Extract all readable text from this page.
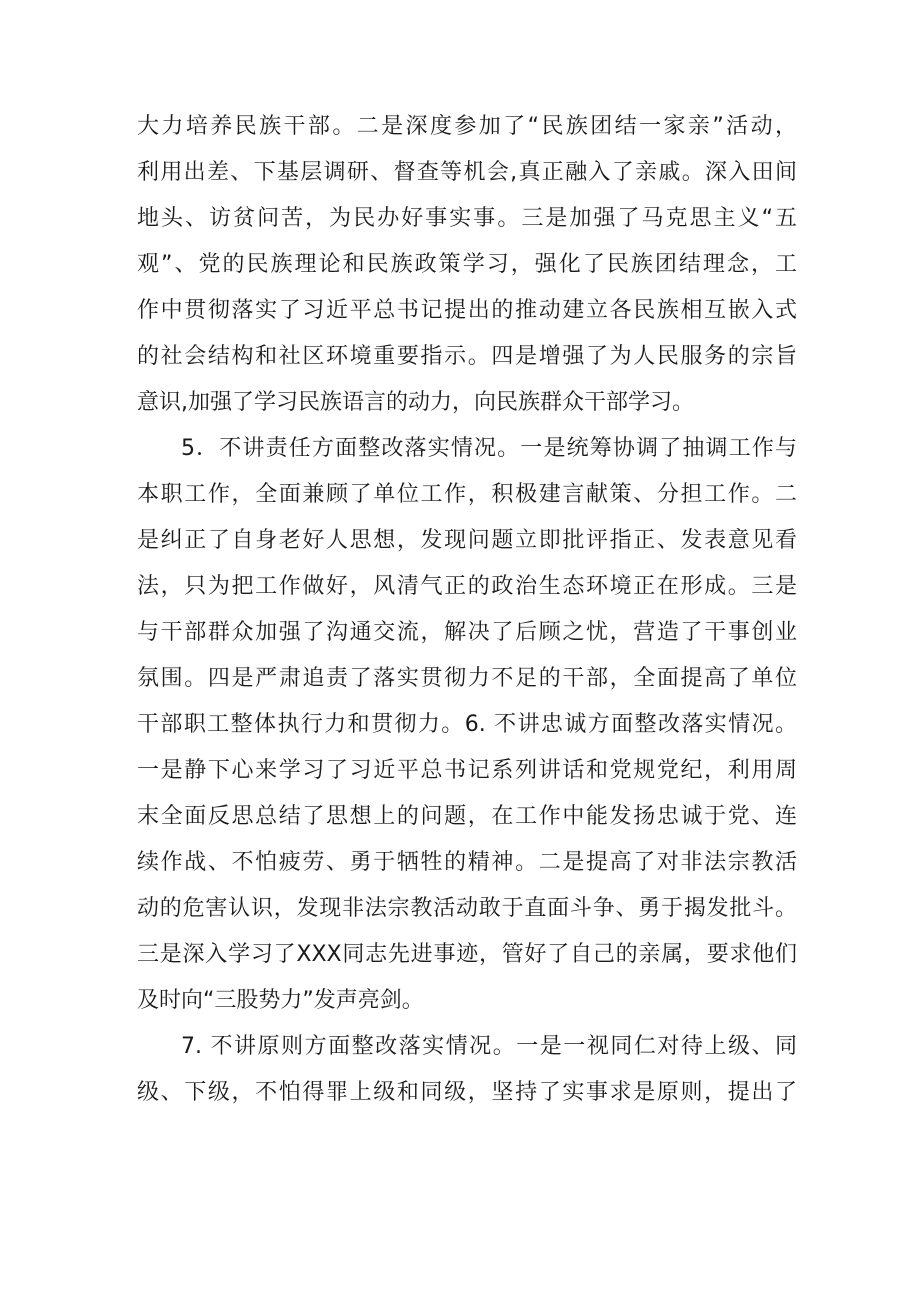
大力培养民族干部。二是深度参加了“民族团结一家亲”活动，
利用出差、下基层调研、督查等机会,真正融入了亲戚。深入田间
地头、访贫问苦，为民办好事实事。三是加强了马克思主义“五
观”、党的民族理论和民族政策学习，强化了民族团结理念，工
作中贯彻落实了习近平总书记提出的推动建立各民族相互嵌入式
的社会结构和社区环境重要指示。四是增强了为人民服务的宗旨
意识,加强了学习民族语言的动力，向民族群众干部学习。
5．不讲责任方面整改落实情况。一是统筹协调了抽调工作与
本职工作，全面兼顾了单位工作，积极建言献策、分担工作。二
是纠正了自身老好人思想，发现问题立即批评指正、发表意见看
法，只为把工作做好，风清气正的政治生态环境正在形成。三是
与干部群众加强了沟通交流，解决了后顾之忧，营造了干事创业
氛围。四是严肃追责了落实贯彻力不足的干部，全面提高了单位
干部职工整体执行力和贯彻力。6. 不讲忠诚方面整改落实情况。
一是静下心来学习了习近平总书记系列讲话和党规党纪，利用周
末全面反思总结了思想上的问题，在工作中能发扬忠诚于党、连
续作战、不怕疲劳、勇于牺牲的精神。二是提高了对非法宗教活
动的危害认识，发现非法宗教活动敢于直面斗争、勇于揭发批斗。
三是深入学习了XXX同志先进事迹，管好了自己的亲属，要求他们
及时向“三股势力”发声亮剑。
7. 不讲原则方面整改落实情况。一是一视同仁对待上级、同
级、下级，不怕得罪上级和同级，坚持了实事求是原则，提出了
